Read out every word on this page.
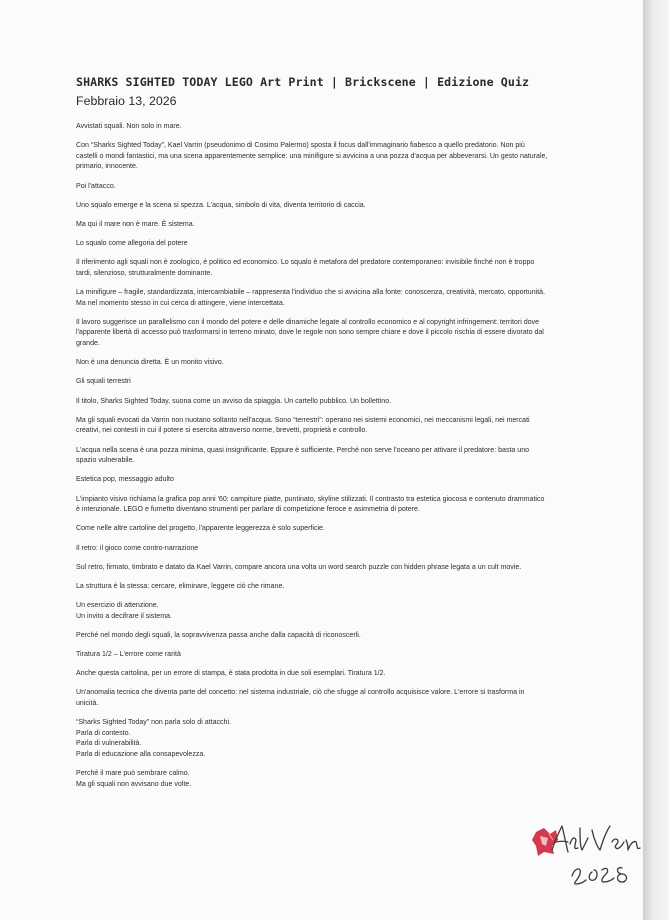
SHARKS SIGHTED TODAY LEGO Art Print | Brickscene | Edizione Quiz
Febbraio 13, 2026

Avvistati squali. Non solo in mare.

Con “Sharks Sighted Today”, Kael Varrin (pseudonimo di Cosimo Palermo) sposta il focus dall'immaginario fiabesco a quello predatorio. Non più castelli o mondi fantastici, ma una scena apparentemente semplice: una minifigure si avvicina a una pozza d'acqua per abbeverarsi. Un gesto naturale, primario, innocente.

Poi l'attacco.

Uno squalo emerge e la scena si spezza. L'acqua, simbolo di vita, diventa territorio di caccia.

Ma qui il mare non è mare. È sistema.

Lo squalo come allegoria del potere

Il riferimento agli squali non è zoologico, è politico ed economico. Lo squalo è metafora del predatore contemporaneo: invisibile finché non è troppo tardi, silenzioso, strutturalmente dominante.

La minifigure – fragile, standardizzata, intercambiabile – rappresenta l'individuo che si avvicina alla fonte: conoscenza, creatività, mercato, opportunità. Ma nel momento stesso in cui cerca di attingere, viene intercettata.

Il lavoro suggerisce un parallelismo con il mondo del potere e delle dinamiche legate al controllo economico e al copyright infringement: territori dove l'apparente libertà di accesso può trasformarsi in terreno minato, dove le regole non sono sempre chiare e dove il piccolo rischia di essere divorato dal grande.

Non è una denuncia diretta. È un monito visivo.

Gli squali terrestri

Il titolo, Sharks Sighted Today, suona come un avviso da spiaggia. Un cartello pubblico. Un bollettino.

Ma gli squali evocati da Varrin non nuotano soltanto nell'acqua. Sono “terrestri”: operano nei sistemi economici, nei meccanismi legali, nei mercati creativi, nei contesti in cui il potere si esercita attraverso norme, brevetti, proprietà e controllo.

L'acqua nella scena è una pozza minima, quasi insignificante. Eppure è sufficiente. Perché non serve l'oceano per attivare il predatore: basta uno spazio vulnerabile.

Estetica pop, messaggio adulto

L'impianto visivo richiama la grafica pop anni '60: campiture piatte, puntinato, skyline stilizzati. Il contrasto tra estetica giocosa e contenuto drammatico è intenzionale. LEGO e fumetto diventano strumenti per parlare di competizione feroce e asimmetria di potere.

Come nelle altre cartoline del progetto, l'apparente leggerezza è solo superficie.

Il retro: il gioco come contro-narrazione

Sul retro, firmato, timbrato e datato da Kael Varrin, compare ancora una volta un word search puzzle con hidden phrase legata a un cult movie.

La struttura è la stessa: cercare, eliminare, leggere ciò che rimane.

Un esercizio di attenzione.

Un invito a decifrare il sistema.

Perché nel mondo degli squali, la sopravvivenza passa anche dalla capacità di riconoscerli.

Tiratura 1/2 – L'errore come rarità

Anche questa cartolina, per un errore di stampa, è stata prodotta in due soli esemplari. Tiratura 1/2.

Un'anomalia tecnica che diventa parte del concetto: nel sistema industriale, ciò che sfugge al controllo acquisisce valore. L'errore si trasforma in unicità.

“Sharks Sighted Today” non parla solo di attacchi.

Parla di contesto.

Parla di vulnerabilità.

Parla di educazione alla consapevolezza.

Perché il mare può sembrare calmo.

Ma gli squali non avvisano due volte.
